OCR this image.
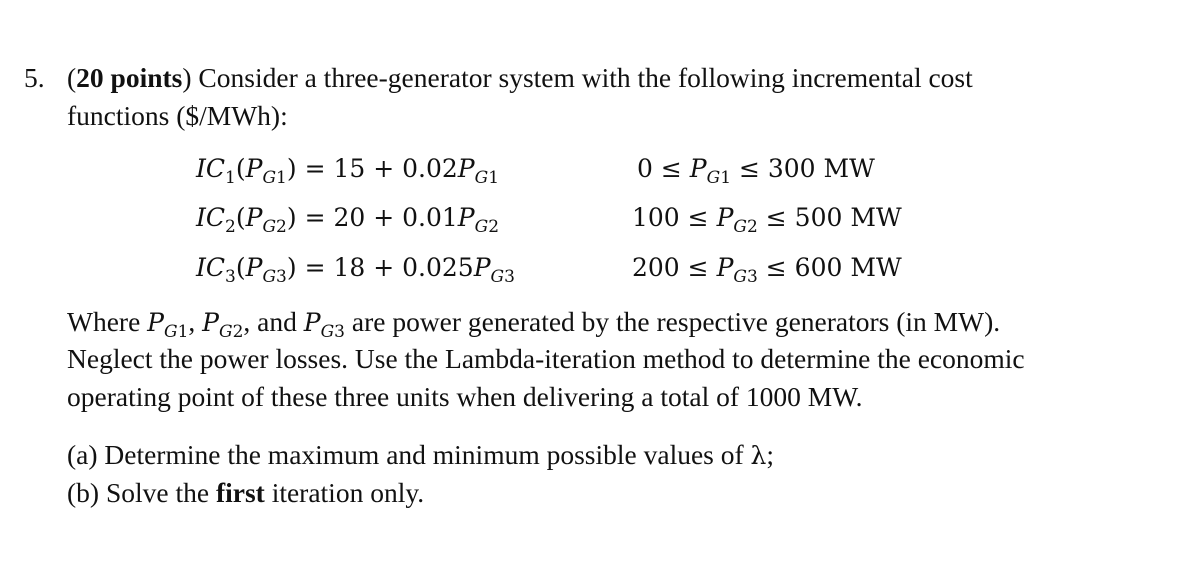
5. (20 points) Consider a three-generator system with the following incremental cost
functions ($/MWh):
$IC_1(P_{G1}) = 15 + 0.02P_{G1}$	$0 \le P_{G1} \le 300$ MW
$IC_2(P_{G2}) = 20 + 0.01P_{G2}$	$100 \le P_{G2} \le 500$ MW
$IC_3(P_{G3}) = 18 + 0.025P_{G3}$	$200 \le P_{G3} \le 600$ MW
Where $P_{G1}$, $P_{G2}$, and $P_{G3}$ are power generated by the respective generators (in MW).
Neglect the power losses. Use the Lambda-iteration method to determine the economic
operating point of these three units when delivering a total of 1000 MW.
(a) Determine the maximum and minimum possible values of λ;
(b) Solve the first iteration only.
